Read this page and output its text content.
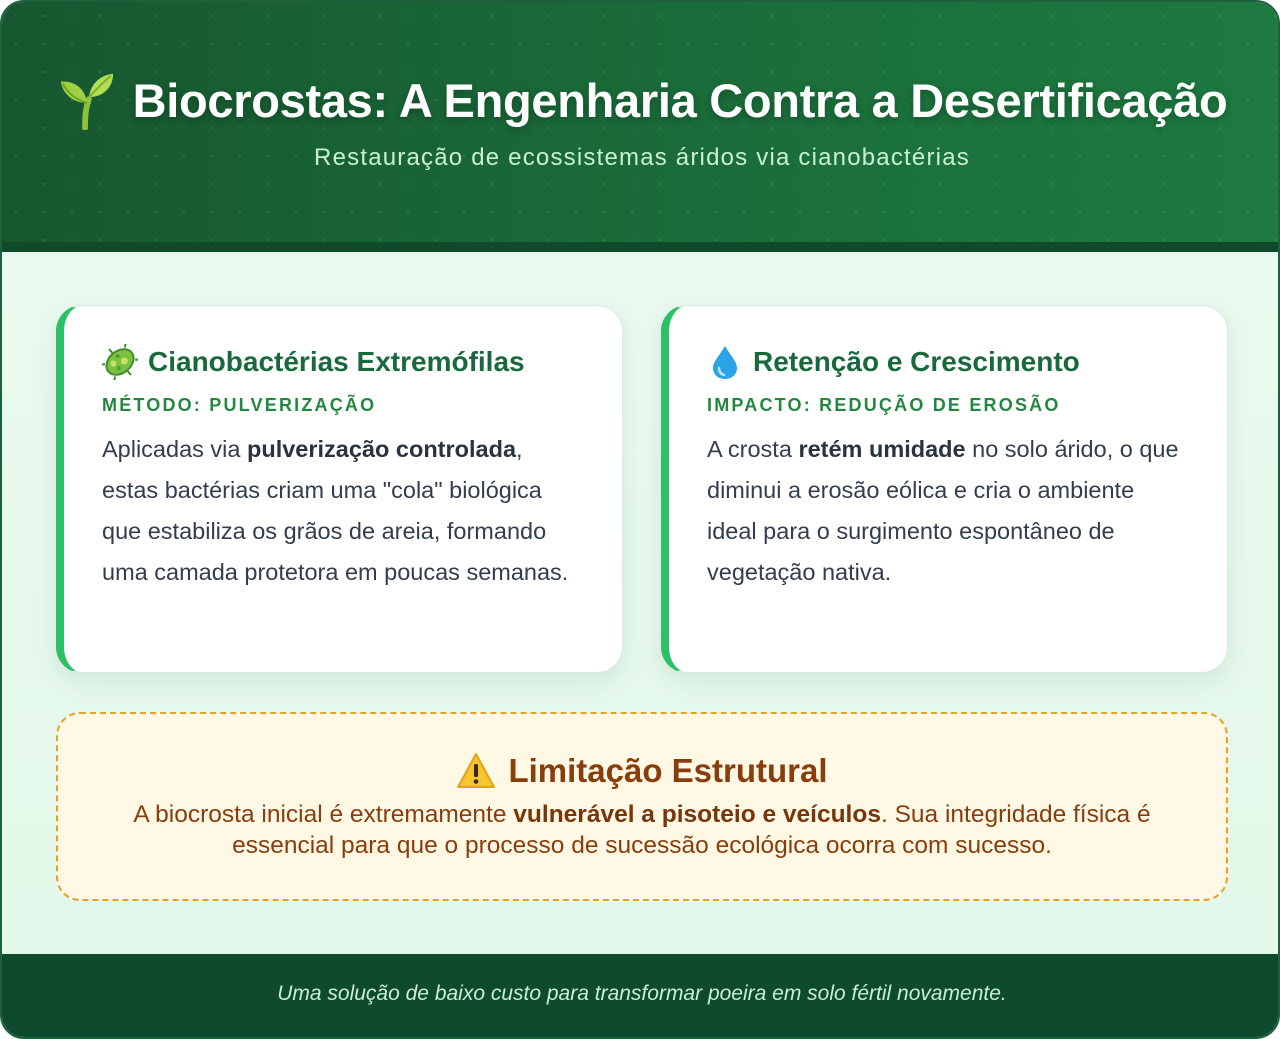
Biocrostas: A Engenharia Contra a Desertificação
Restauração de ecossistemas áridos via cianobactérias
Cianobactérias Extremófilas
MÉTODO: PULVERIZAÇÃO

Aplicadas via pulverização controlada, estas bactérias criam uma "cola" biológica que estabiliza os grãos de areia, formando uma camada protetora em poucas semanas.

Retenção e Crescimento
IMPACTO: REDUÇÃO DE EROSÃO

A crosta retém umidade no solo árido, o que diminui a erosão eólica e cria o ambiente ideal para o surgimento espontâneo de vegetação nativa.

Limitação Estrutural

A biocrosta inicial é extremamente vulnerável a pisoteio e veículos. Sua integridade física é essencial para que o processo de sucessão ecológica ocorra com sucesso.

Uma solução de baixo custo para transformar poeira em solo fértil novamente.
